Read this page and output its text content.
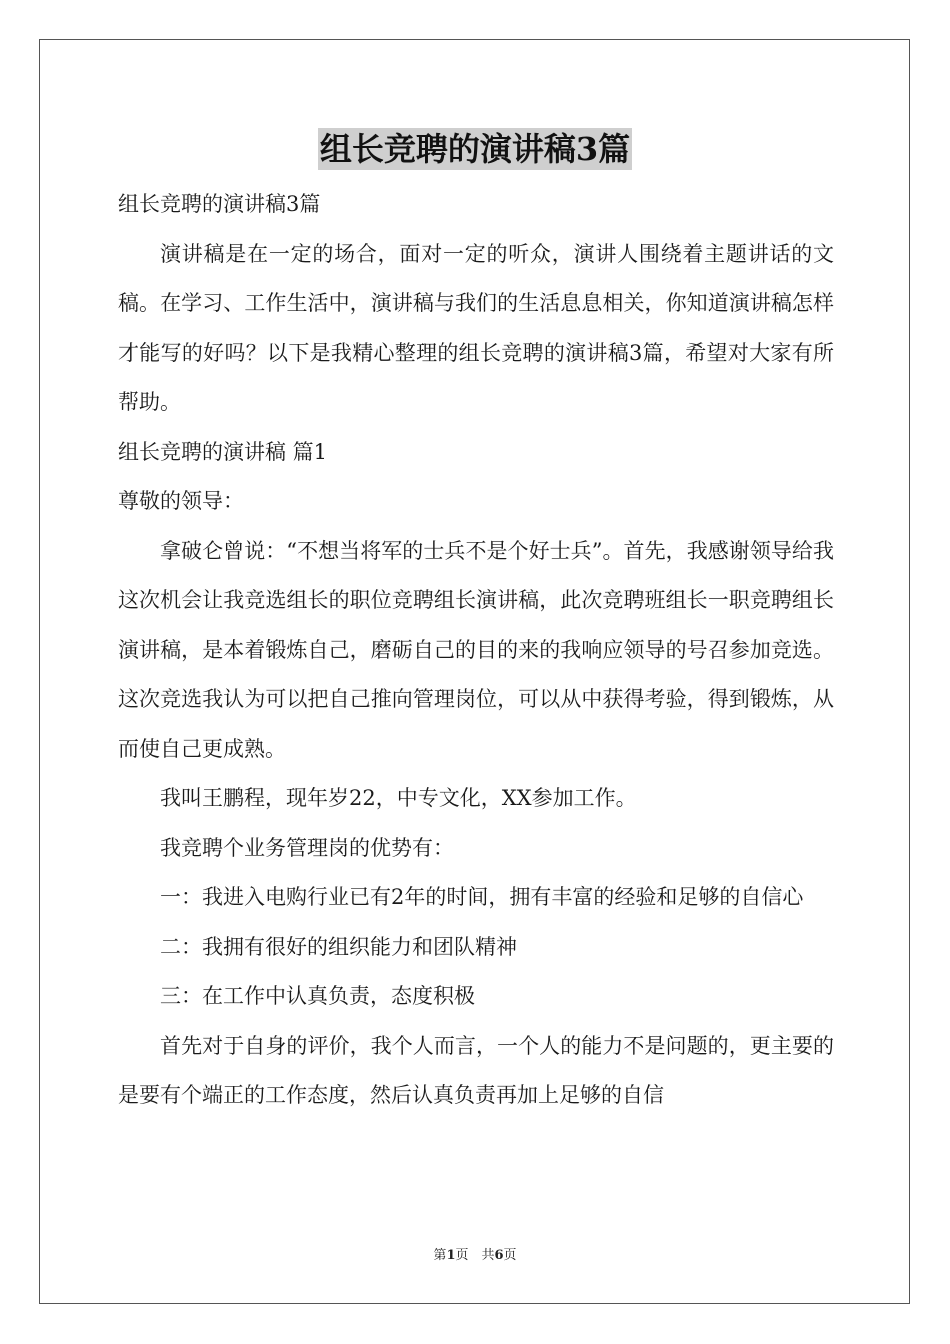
组长竞聘的演讲稿3篇

组长竞聘的演讲稿3篇

演讲稿是在一定的场合，面对一定的听众，演讲人围绕着主题讲话的文稿。在学习、工作生活中，演讲稿与我们的生活息息相关，你知道演讲稿怎样才能写的好吗？以下是我精心整理的组长竞聘的演讲稿3篇，希望对大家有所帮助。

组长竞聘的演讲稿 篇1

尊敬的领导：

拿破仑曾说：“不想当将军的士兵不是个好士兵”。首先，我感谢领导给我这次机会让我竞选组长的职位竞聘组长演讲稿，此次竞聘班组长一职竞聘组长演讲稿，是本着锻炼自己，磨砺自己的目的来的我响应领导的号召参加竞选。这次竞选我认为可以把自己推向管理岗位，可以从中获得考验，得到锻炼，从而使自己更成熟。

我叫王鹏程，现年岁22，中专文化，XX参加工作。

我竞聘个业务管理岗的优势有：

一：我进入电购行业已有2年的时间，拥有丰富的经验和足够的自信心

二：我拥有很好的组织能力和团队精神

三：在工作中认真负责，态度积极

首先对于自身的评价，我个人而言，一个人的能力不是问题的，更主要的是要有个端正的工作态度，然后认真负责再加上足够的自信

第1页　共6页
